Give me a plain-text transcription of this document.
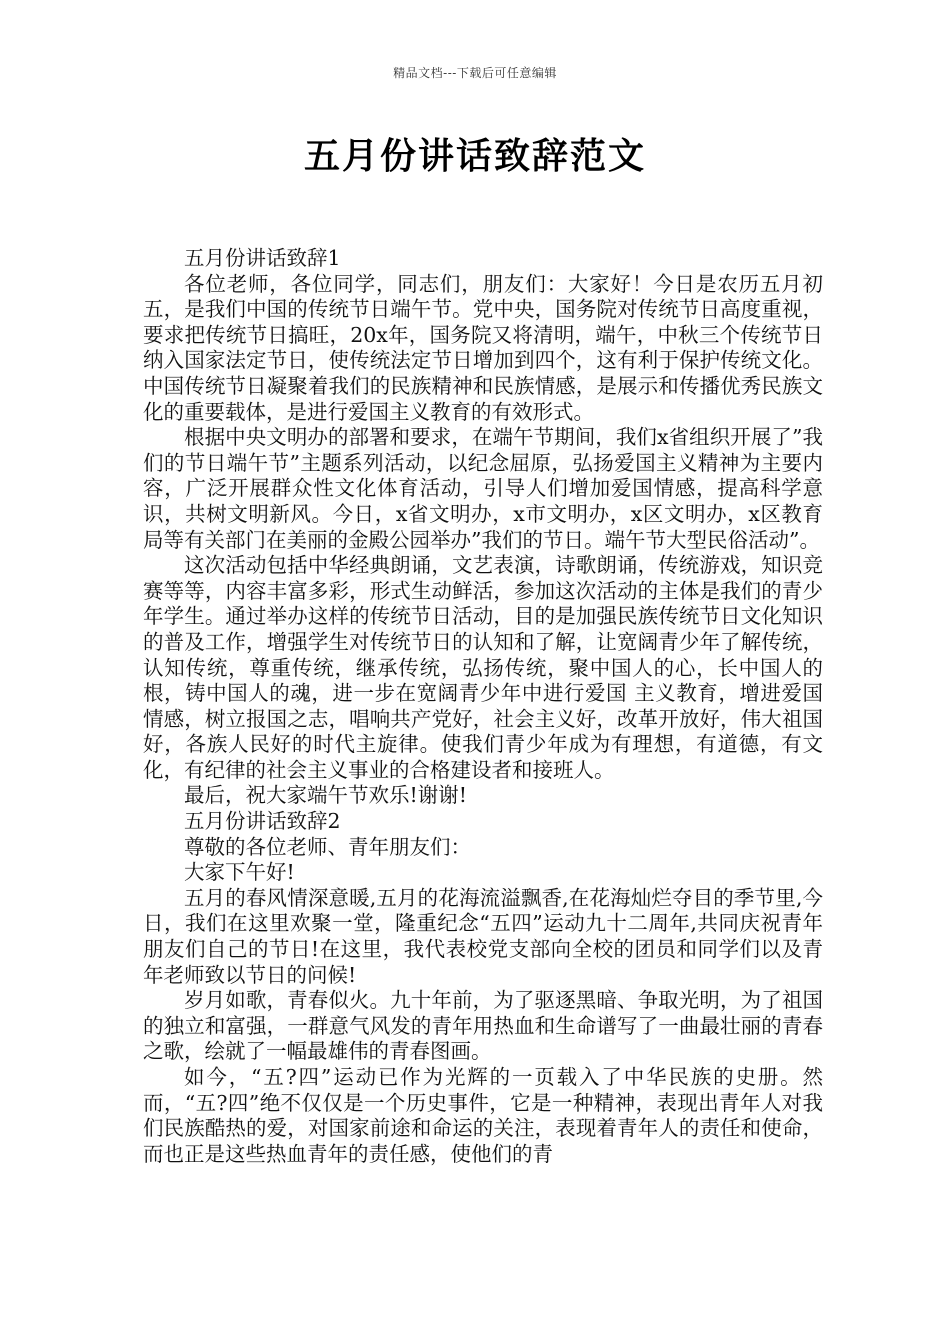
精品文档---下载后可任意编辑
五月份讲话致辞范文

五月份讲话致辞1

各位老师，各位同学，同志们，朋友们：大家好！今日是农历五月初五，是我们中国的传统节日端午节。党中央，国务院对传统节日高度重视，要求把传统节日搞旺，20x年，国务院又将清明，端午，中秋三个传统节日纳入国家法定节日，使传统法定节日增加到四个，这有利于保护传统文化。中国传统节日凝聚着我们的民族精神和民族情感，是展示和传播优秀民族文化的重要载体，是进行爱国主义教育的有效形式。

根据中央文明办的部署和要求，在端午节期间，我们x省组织开展了”我们的节日端午节”主题系列活动，以纪念屈原，弘扬爱国主义精神为主要内容，广泛开展群众性文化体育活动，引导人们增加爱国情感，提高科学意识，共树文明新风。今日，x省文明办，x市文明办，x区文明办，x区教育局等有关部门在美丽的金殿公园举办”我们的节日。端午节大型民俗活动”。

这次活动包括中华经典朗诵，文艺表演，诗歌朗诵，传统游戏，知识竞赛等等，内容丰富多彩，形式生动鲜活，参加这次活动的主体是我们的青少年学生。通过举办这样的传统节日活动，目的是加强民族传统节日文化知识的普及工作，增强学生对传统节日的认知和了解，让宽阔青少年了解传统，认知传统，尊重传统，继承传统，弘扬传统，聚中国人的心，长中国人的根，铸中国人的魂，进一步在宽阔青少年中进行爱国 主义教育，增进爱国情感，树立报国之志，唱响共产党好，社会主义好，改革开放好，伟大祖国好，各族人民好的时代主旋律。使我们青少年成为有理想，有道德，有文化，有纪律的社会主义事业的合格建设者和接班人。

最后，祝大家端午节欢乐!谢谢!

五月份讲话致辞2

尊敬的各位老师、青年朋友们：

大家下午好!

五月的春风情深意暖,五月的花海流溢飘香,在花海灿烂夺目的季节里,今日，我们在这里欢聚一堂，隆重纪念“五四”运动九十二周年,共同庆祝青年朋友们自己的节日!在这里，我代表校党支部向全校的团员和同学们以及青年老师致以节日的问候!

岁月如歌，青春似火。九十年前，为了驱逐黑暗、争取光明，为了祖国的独立和富强，一群意气风发的青年用热血和生命谱写了一曲最壮丽的青春之歌，绘就了一幅最雄伟的青春图画。

如今，“五?四”运动已作为光辉的一页载入了中华民族的史册。然而，“五?四”绝不仅仅是一个历史事件，它是一种精神，表现出青年人对我们民族酷热的爱，对国家前途和命运的关注，表现着青年人的责任和使命，而也正是这些热血青年的责任感，使他们的青
